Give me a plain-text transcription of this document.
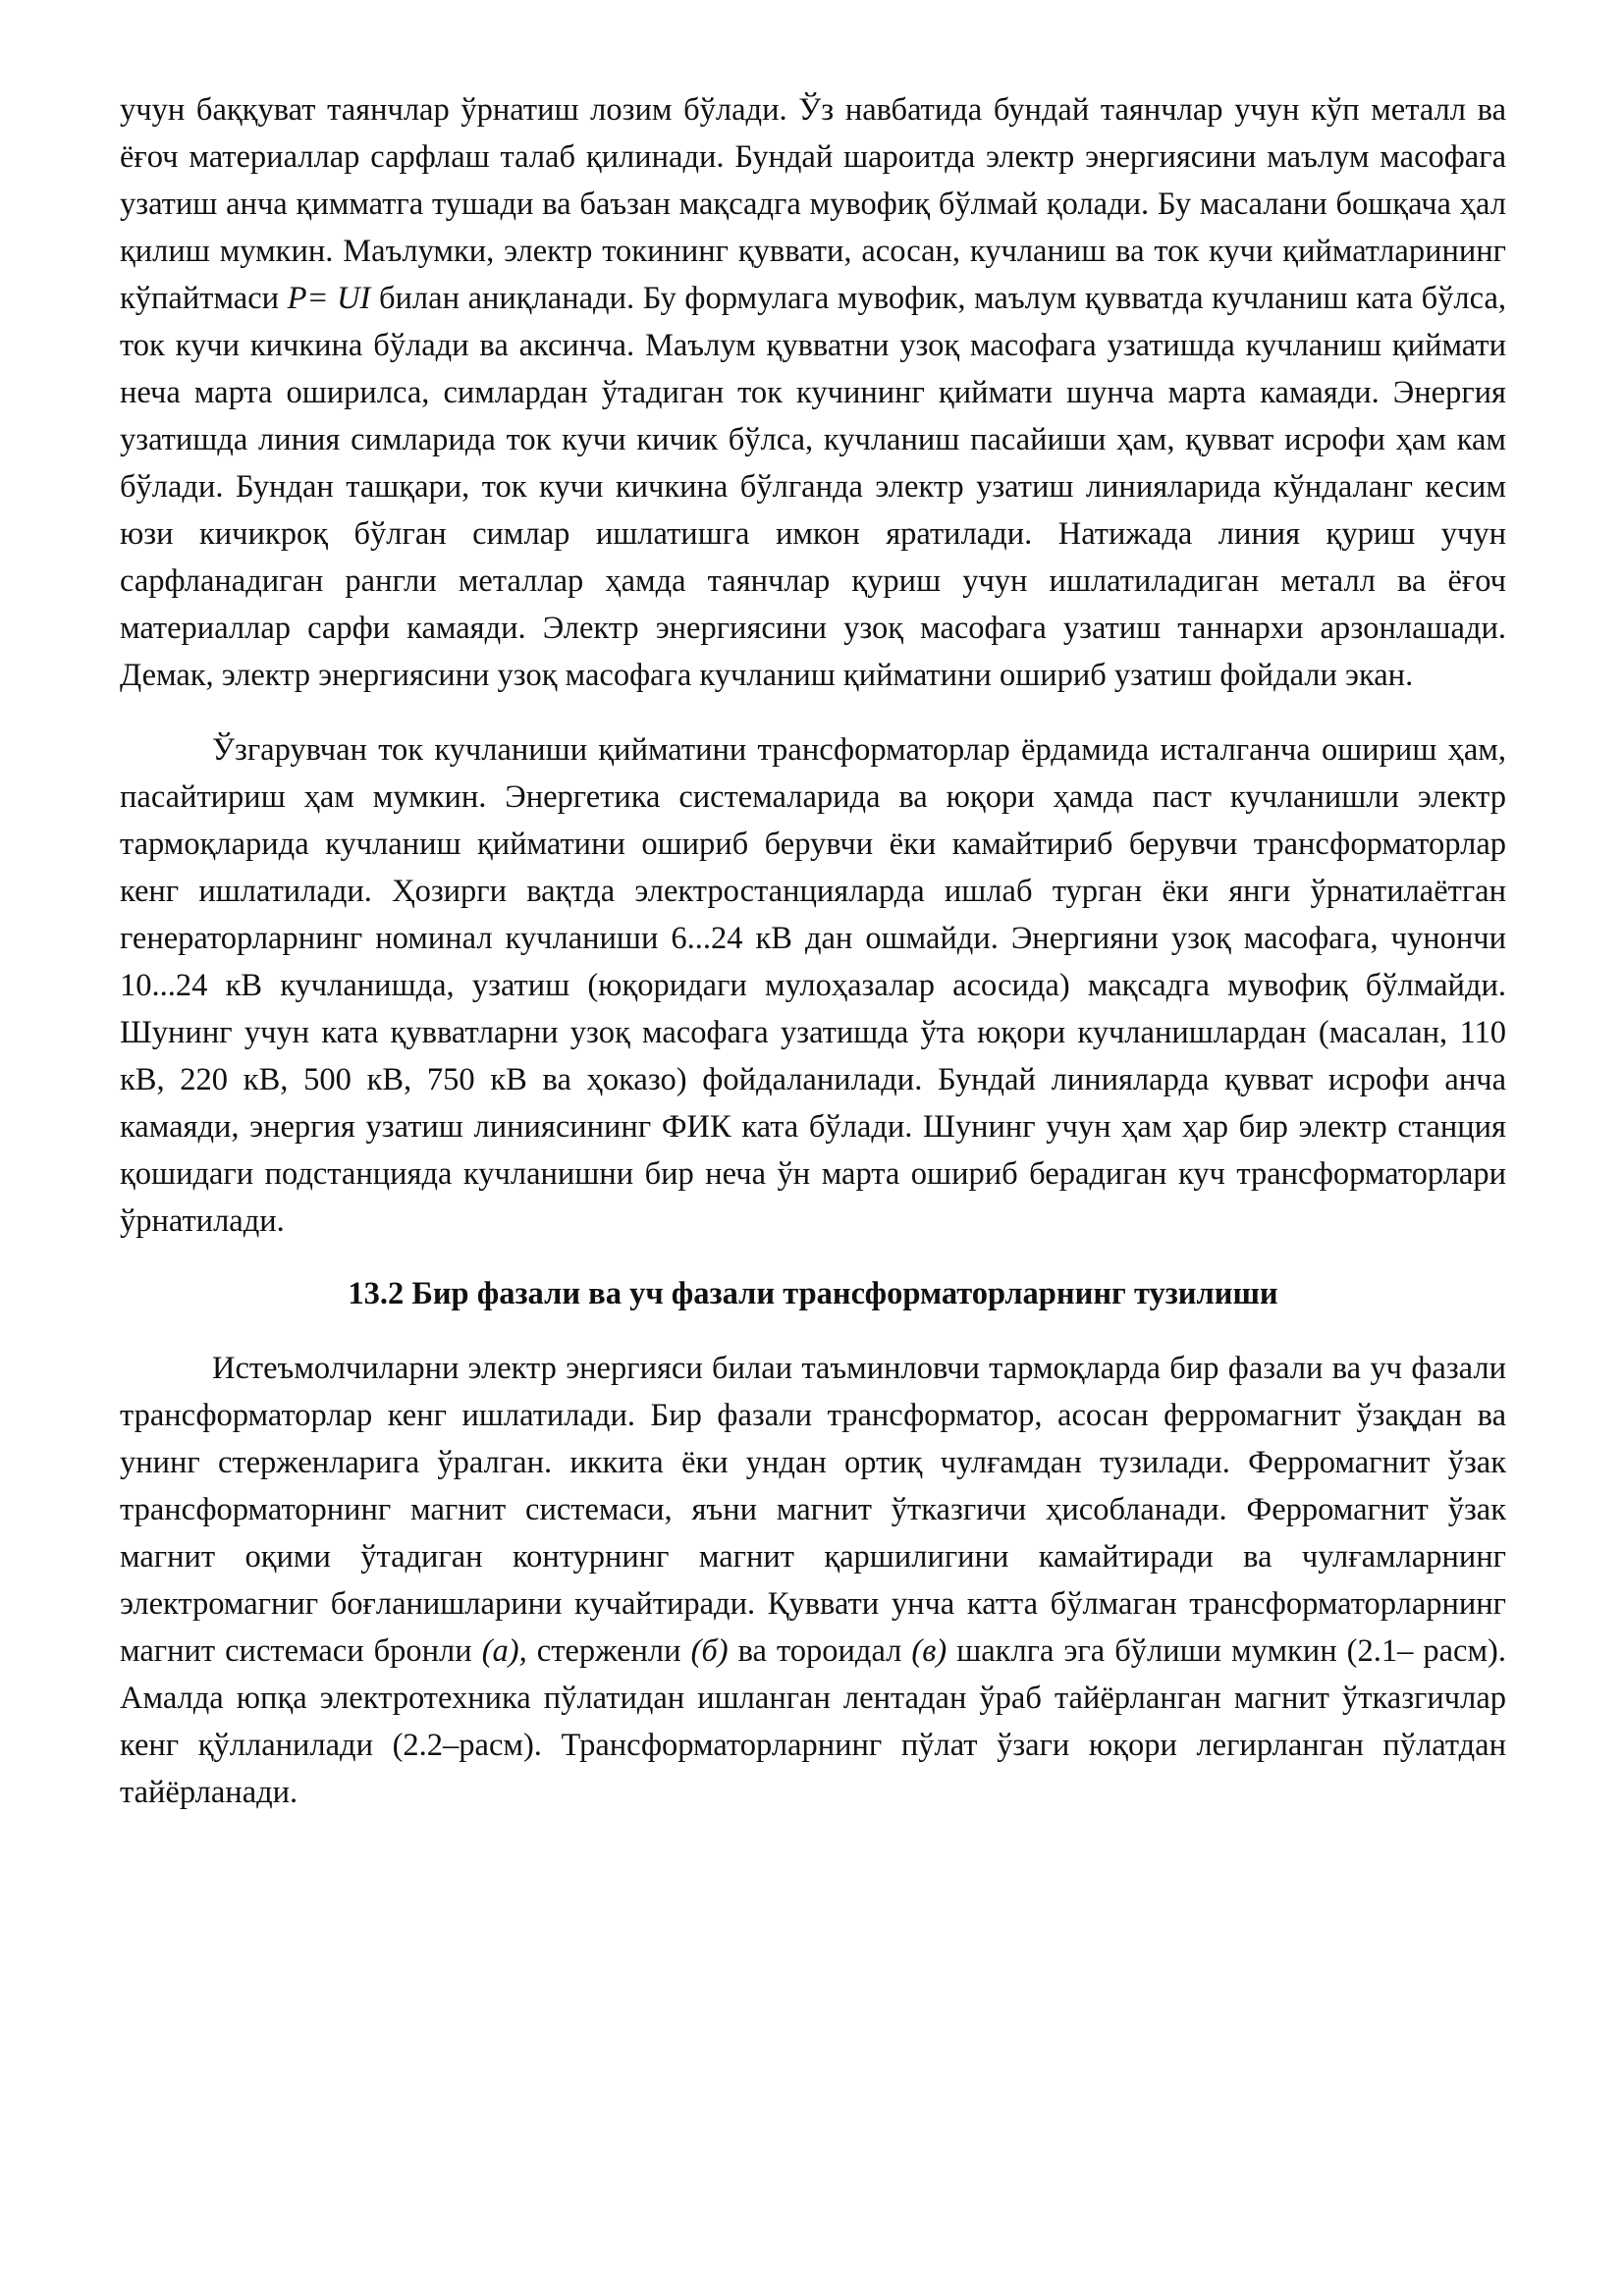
учун баққуват таянчлар ўрнатиш лозим бўлади. Ўз навбатида бундай таянчлар учун кўп металл ва ёғоч материаллар сарфлаш талаб қилинади. Бундай шароитда электр энергиясини маълум масофага узатиш анча қимматга тушади ва баъзан мақсадга мувофиқ бўлмай қолади. Бу масалани бошқача ҳал қилиш мумкин. Маълумки, электр токининг қуввати, асосан, кучланиш ва ток кучи қийматларининг кўпайтмаси P= UI билан аниқланади. Бу формулага мувофик, маълум қувватда кучланиш ката бўлса, ток кучи кичкина бўлади ва аксинча. Маълум қувватни узоқ масофага узатишда кучланиш қиймати неча марта оширилса, симлардан ўтадиган ток кучининг қиймати шунча марта камаяди. Энергия узатишда линия симларида ток кучи кичик бўлса, кучланиш пасайиши ҳам, қувват исрофи ҳам кам бўлади. Бундан ташқари, ток кучи кичкина бўлганда электр узатиш линияларида кўндаланг кесим юзи кичикроқ бўлган симлар ишлатишга имкон яратилади. Натижада линия қуриш учун сарфланадиган рангли металлар ҳамда таянчлар қуриш учун ишлатиладиган металл ва ёғоч материаллар сарфи камаяди. Электр энергиясини узоқ масофага узатиш таннархи арзонлашади. Демак, электр энергиясини узоқ масофага кучланиш қийматини ошириб узатиш фойдали экан.

Ўзгарувчан ток кучланиши қийматини трансформаторлар ёрдамида исталганча ошириш ҳам, пасайтириш ҳам мумкин. Энергетика системаларида ва юқори ҳамда паст кучланишли электр тармоқларида кучланиш қийматини ошириб берувчи ёки камайтириб берувчи трансформаторлар кенг ишлатилади. Ҳозирги вақтда электростанцияларда ишлаб турган ёки янги ўрнатилаётган генераторларнинг номинал кучланиши 6...24 кВ дан ошмайди. Энергияни узоқ масофага, чунончи 10...24 кВ кучланишда, узатиш (юқоридаги мулоҳазалар асосида) мақсадга мувофиқ бўлмайди. Шунинг учун ката қувватларни узоқ масофага узатишда ўта юқори кучланишлардан (масалан, 110 кВ, 220 кВ, 500 кВ, 750 кВ ва ҳоказо) фойдаланилади. Бундай линияларда қувват исрофи анча камаяди, энергия узатиш линиясининг ФИК ката бўлади. Шунинг учун ҳам ҳар бир электр станция қошидаги подстанцияда кучланишни бир неча ўн марта ошириб берадиган куч трансформаторлари ўрнатилади.

13.2 Бир фазали ва уч фазали трансформаторларнинг тузилиши

Истеъмолчиларни электр энергияси билаи таъминловчи тармоқларда бир фазали ва уч фазали трансформаторлар кенг ишлатилади. Бир фазали трансформатор, асосан ферромагнит ўзақдан ва унинг стерженларига ўралган. иккита ёки ундан ортиқ чулғамдан тузилади. Ферромагнит ўзак трансформаторнинг магнит системаси, яъни магнит ўтказгичи ҳисобланади. Ферромагнит ўзак магнит оқими ўтадиган контурнинг магнит қаршилигини камайтиради ва чулғамларнинг электромагниг боғланишларини кучайтиради. Қуввати унча катта бўлмаган трансформаторларнинг магнит системаси бронли (а), стерженли (б) ва тороидал (в) шаклга эга бўлиши мумкин (2.1– расм). Амалда юпқа электротехника пўлатидан ишланган лентадан ўраб тайёрланган магнит ўтказгичлар кенг қўлланилади (2.2–расм). Трансформаторларнинг пўлат ўзаги юқори легирланган пўлатдан тайёрланади.
